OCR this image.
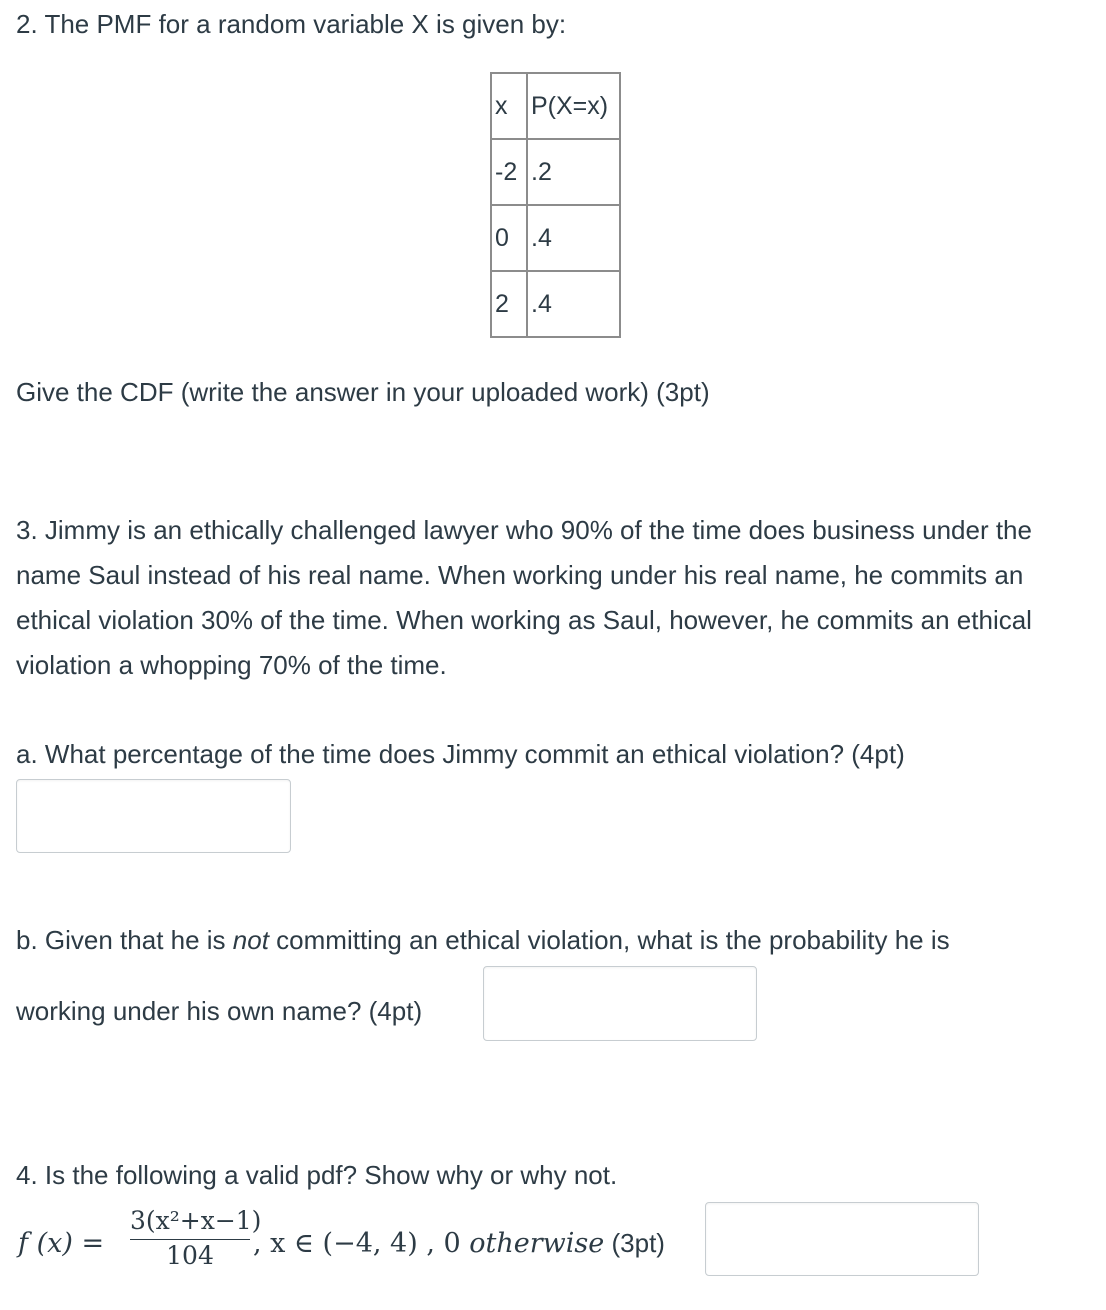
2. The PMF for a random variable X is given by:
x	P(X=x)
-2	.2
0	.4
2	.4
Give the CDF (write the answer in your uploaded work) (3pt)
3. Jimmy is an ethically challenged lawyer who 90% of the time does business under the name Saul instead of his real name. When working under his real name, he commits an ethical violation 30% of the time. When working as Saul, however, he commits an ethical violation a whopping 70% of the time.
a. What percentage of the time does Jimmy commit an ethical violation? (4pt)
b. Given that he is not committing an ethical violation, what is the probability he is
working under his own name? (4pt)
4. Is the following a valid pdf? Show why or why not.
f (x) =
3(x²+x−1)
104	, x ∈ (−4, 4) , 0 otherwise (3pt)
